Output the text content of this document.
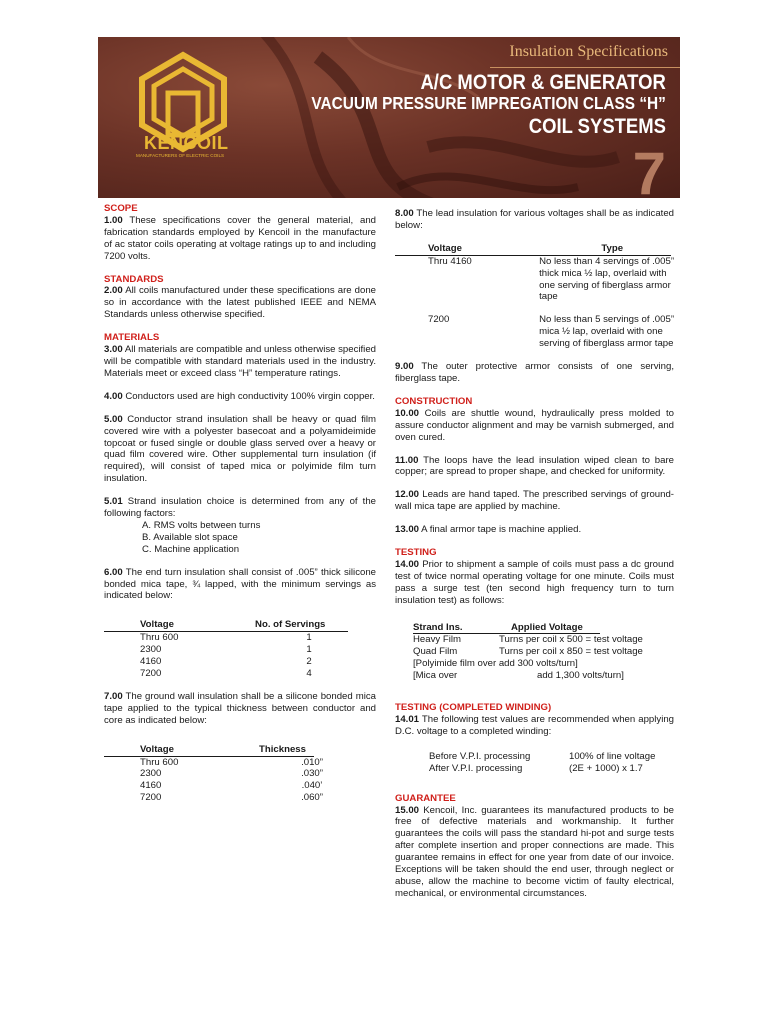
KENCOIL
MANUFACTURERS OF ELECTRIC COILS
Insulation Specifications
A/C MOTOR & GENERATOR
VACUUM PRESSURE IMPREGATION CLASS “H”
COIL SYSTEMS
7
SCOPE

1.00 These specifications cover the general material, and fabrication standards employed by Kencoil in the manufacture of ac stator coils operating at voltage ratings up to and including 7200 volts.

STANDARDS

2.00 All coils manufactured under these specifications are done so in accordance with the latest published IEEE and NEMA Standards unless otherwise specified.

MATERIALS

3.00 All materials are compatible and unless otherwise specified will be compatible with standard materials used in the industry. Materials meet or exceed class “H” temperature ratings.

4.00 Conductors used are high conductivity 100% virgin copper.

5.00 Conductor strand insulation shall be heavy or quad film covered wire with a polyester basecoat and a polyamideimide topcoat or fused single or double glass served over a heavy or quad film covered wire. Other supplemental turn insulation (if required), will consist of taped mica or polyimide film turn insulation.

5.01 Strand insulation choice is determined from any of the following factors:

A. RMS volts between turns
B. Available slot space
C. Machine application

6.00 The end turn insulation shall consist of .005” thick silicone bonded mica tape, ¾ lapped, with the minimum servings as indicated below:

Voltage	No. of Servings
Thru 600	1
2300	1
4160	2
7200	4

7.00 The ground wall insulation shall be a silicone bonded mica tape applied to the typical thickness between conductor and core as indicated below:

Voltage	Thickness
Thru 600	.010”
2300	.030”
4160	.040’
7200	.060”

8.00 The lead insulation for various voltages shall be as indicated below:

Voltage	Type
Thru 4160	No less than 4 servings of .005” thick mica ½ lap, overlaid with one serving of fiberglass armor tape
7200	No less than 5 servings of .005” mica ½ lap, overlaid with one serving of fiberglass armor tape

9.00 The outer protective armor consists of one serving, fiberglass tape.

CONSTRUCTION

10.00 Coils are shuttle wound, hydraulically press molded to assure conductor alignment and may be varnish submerged, and oven cured.

11.00 The loops have the lead insulation wiped clean to bare copper; are spread to proper shape, and checked for uniformity.

12.00 Leads are hand taped. The prescribed servings of ground-wall mica tape are applied by machine.

13.00 A final armor tape is machine applied.

TESTING

14.00 Prior to shipment a sample of coils must pass a dc ground test of twice normal operating voltage for one minute. Coils must pass a surge test (ten second high frequency turn to turn insulation test) as follows:

Strand Ins.	Applied Voltage
Heavy Film	Turns per coil x 500 = test voltage
Quad Film	Turns per coil x 850 = test voltage
[Polyimide film over add 300 volts/turn]
[Mica over	add 1,300 volts/turn]
TESTING (COMPLETED WINDING)

14.01 The following test values are recommended when applying D.C. voltage to a completed winding:

Before V.P.I. processing	100% of line voltage
After V.P.I. processing	(2E + 1000) x 1.7
GUARANTEE

15.00 Kencoil, Inc. guarantees its manufactured products to be free of defective materials and workmanship. It further guarantees the coils will pass the standard hi-pot and surge tests after complete insertion and proper connections are made. This guarantee remains in effect for one year from date of our invoice. Exceptions will be taken should the end user, through neglect or abuse, allow the machine to become victim of faulty electrical, mechanical, or environmental circumstances.
